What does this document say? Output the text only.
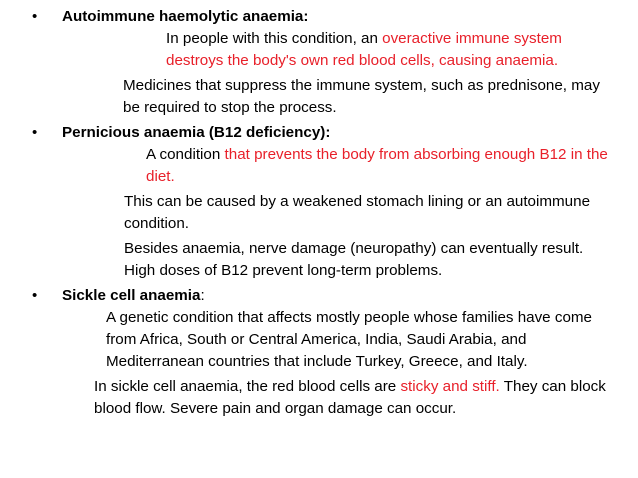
• Autoimmune haemolytic anaemia:

In people with this condition, an overactive immune system destroys the body's own red blood cells, causing anaemia.

Medicines that suppress the immune system, such as prednisone, may be required to stop the process.

• Pernicious anaemia (B12 deficiency):

A condition that prevents the body from absorbing enough B12 in the diet.

This can be caused by a weakened stomach lining or an autoimmune condition.

Besides anaemia, nerve damage (neuropathy) can eventually result. High doses of B12 prevent long-term problems.

• Sickle cell anaemia:

A genetic condition that affects mostly people whose families have come from Africa, South or Central America, India, Saudi Arabia, and Mediterranean countries that include Turkey, Greece, and Italy.

In sickle cell anaemia, the red blood cells are sticky and stiff. They can block blood flow. Severe pain and organ damage can occur.
